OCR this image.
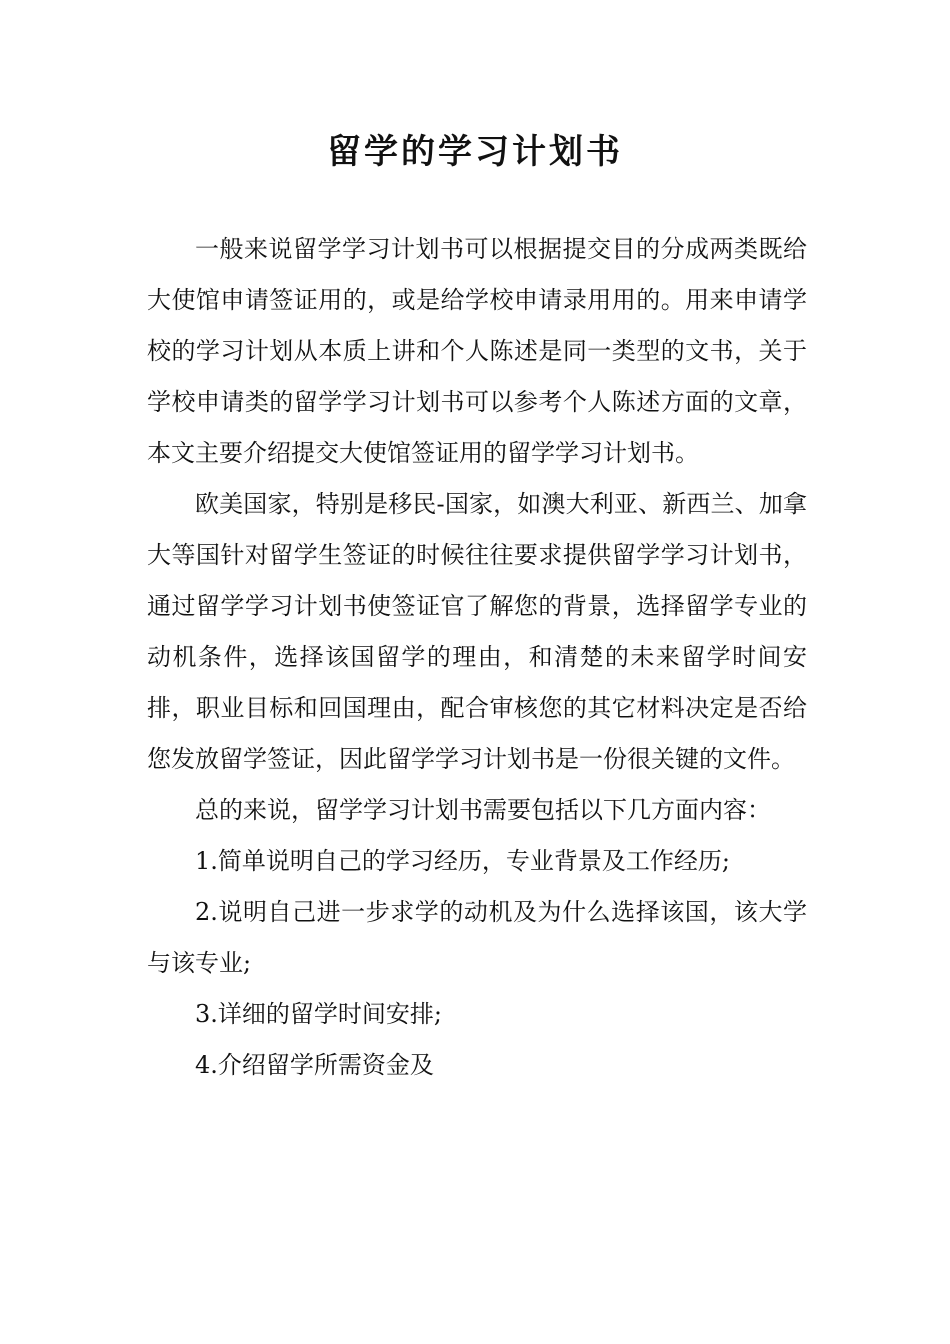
留学的学习计划书

一般来说留学学习计划书可以根据提交目的分成两类既给大使馆申请签证用的，或是给学校申请录用用的。用来申请学校的学习计划从本质上讲和个人陈述是同一类型的文书，关于学校申请类的留学学习计划书可以参考个人陈述方面的文章，本文主要介绍提交大使馆签证用的留学学习计划书。

欧美国家，特别是移民-国家，如澳大利亚、新西兰、加拿大等国针对留学生签证的时候往往要求提供留学学习计划书，通过留学学习计划书使签证官了解您的背景，选择留学专业的动机条件，选择该国留学的理由，和清楚的未来留学时间安排，职业目标和回国理由，配合审核您的其它材料决定是否给您发放留学签证，因此留学学习计划书是一份很关键的文件。

总的来说，留学学习计划书需要包括以下几方面内容：

1.简单说明自己的学习经历，专业背景及工作经历;

2.说明自己进一步求学的动机及为什么选择该国，该大学与该专业;

3.详细的留学时间安排;

4.介绍留学所需资金及
